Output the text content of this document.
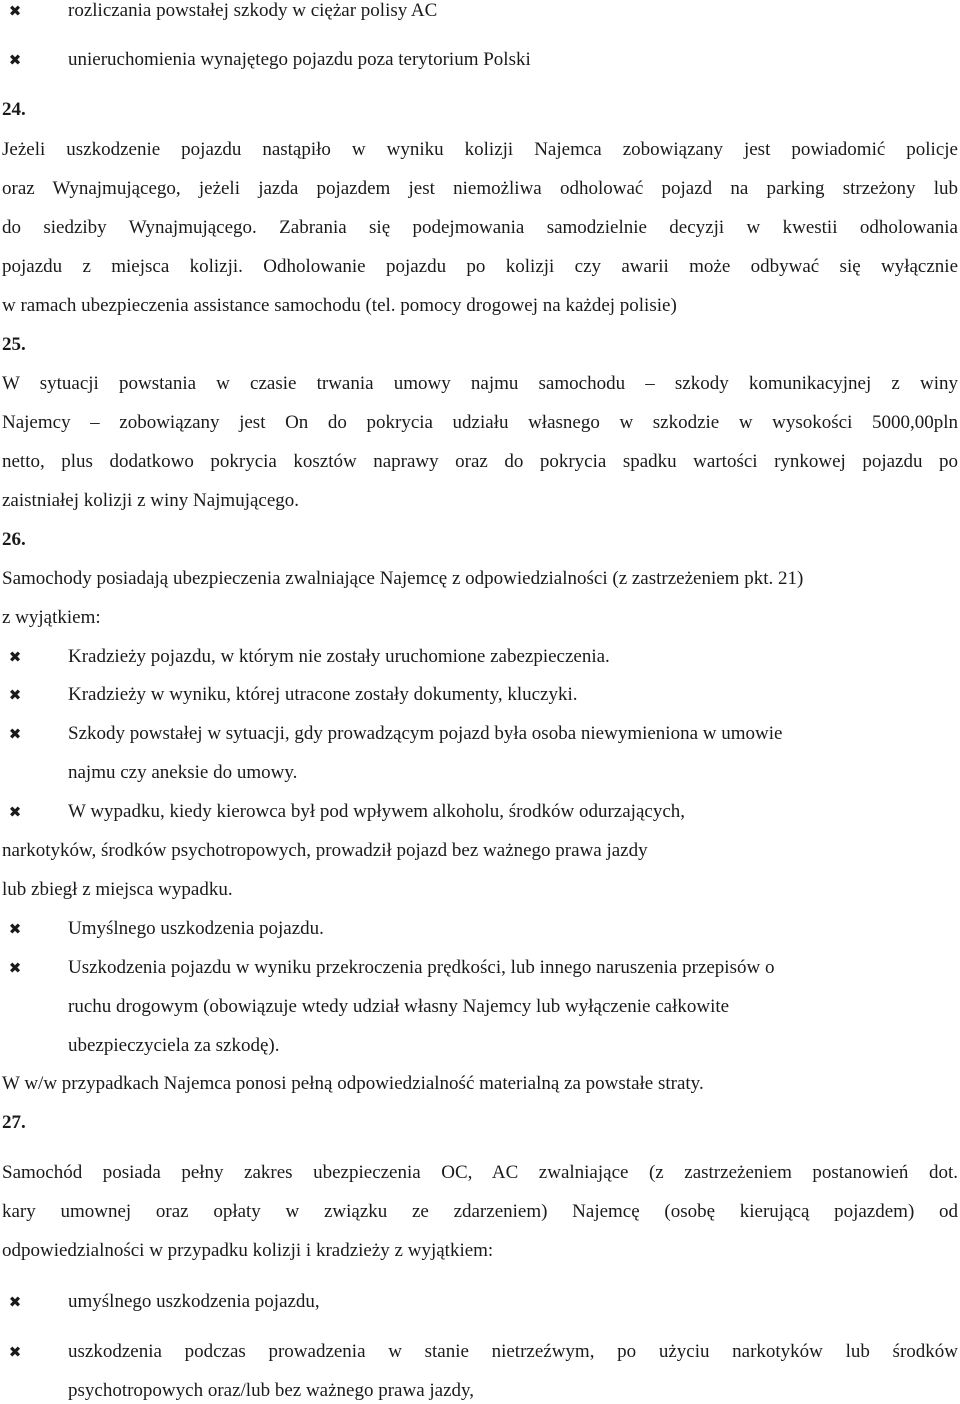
✖ rozliczania powstałej szkody w ciężar polisy AC
✖ unieruchomienia wynajętego pojazdu poza terytorium Polski
24.
Jeżeli uszkodzenie pojazdu nastąpiło w wyniku kolizji Najemca zobowiązany jest powiadomić policje
oraz Wynajmującego, jeżeli jazda pojazdem jest niemożliwa odholować pojazd na parking strzeżony lub
do siedziby Wynajmującego. Zabrania się podejmowania samodzielnie decyzji w kwestii odholowania
pojazdu z miejsca kolizji. Odholowanie pojazdu po kolizji czy awarii może odbywać się wyłącznie
w ramach ubezpieczenia assistance samochodu (tel. pomocy drogowej na każdej polisie)
25.
W sytuacji powstania w czasie trwania umowy najmu samochodu – szkody komunikacyjnej z winy
Najemcy – zobowiązany jest On do pokrycia udziału własnego w szkodzie w wysokości 5000,00pln
netto, plus dodatkowo pokrycia kosztów naprawy oraz do pokrycia spadku wartości rynkowej pojazdu po
zaistniałej kolizji z winy Najmującego.
26.
Samochody posiadają ubezpieczenia zwalniające Najemcę z odpowiedzialności (z zastrzeżeniem pkt. 21)
z wyjątkiem:
✖ Kradzieży pojazdu, w którym nie zostały uruchomione zabezpieczenia.
✖ Kradzieży w wyniku, której utracone zostały dokumenty, kluczyki.
✖ Szkody powstałej w sytuacji, gdy prowadzącym pojazd była osoba niewymieniona w umowie
najmu czy aneksie do umowy.
✖ W wypadku, kiedy kierowca był pod wpływem alkoholu, środków odurzających,
narkotyków, środków psychotropowych, prowadził pojazd bez ważnego prawa jazdy
lub zbiegł z miejsca wypadku.
✖ Umyślnego uszkodzenia pojazdu.
✖ Uszkodzenia pojazdu w wyniku przekroczenia prędkości, lub innego naruszenia przepisów o
ruchu drogowym (obowiązuje wtedy udział własny Najemcy lub wyłączenie całkowite
ubezpieczyciela za szkodę).
W w/w przypadkach Najemca ponosi pełną odpowiedzialność materialną za powstałe straty.
27.
Samochód posiada pełny zakres ubezpieczenia OC, AC zwalniające (z zastrzeżeniem postanowień dot.
kary umownej oraz opłaty w związku ze zdarzeniem) Najemcę (osobę kierującą pojazdem) od
odpowiedzialności w przypadku kolizji i kradzieży z wyjątkiem:
✖ umyślnego uszkodzenia pojazdu,
✖ uszkodzenia podczas prowadzenia w stanie nietrzeźwym, po użyciu narkotyków lub środków
psychotropowych oraz/lub bez ważnego prawa jazdy,
